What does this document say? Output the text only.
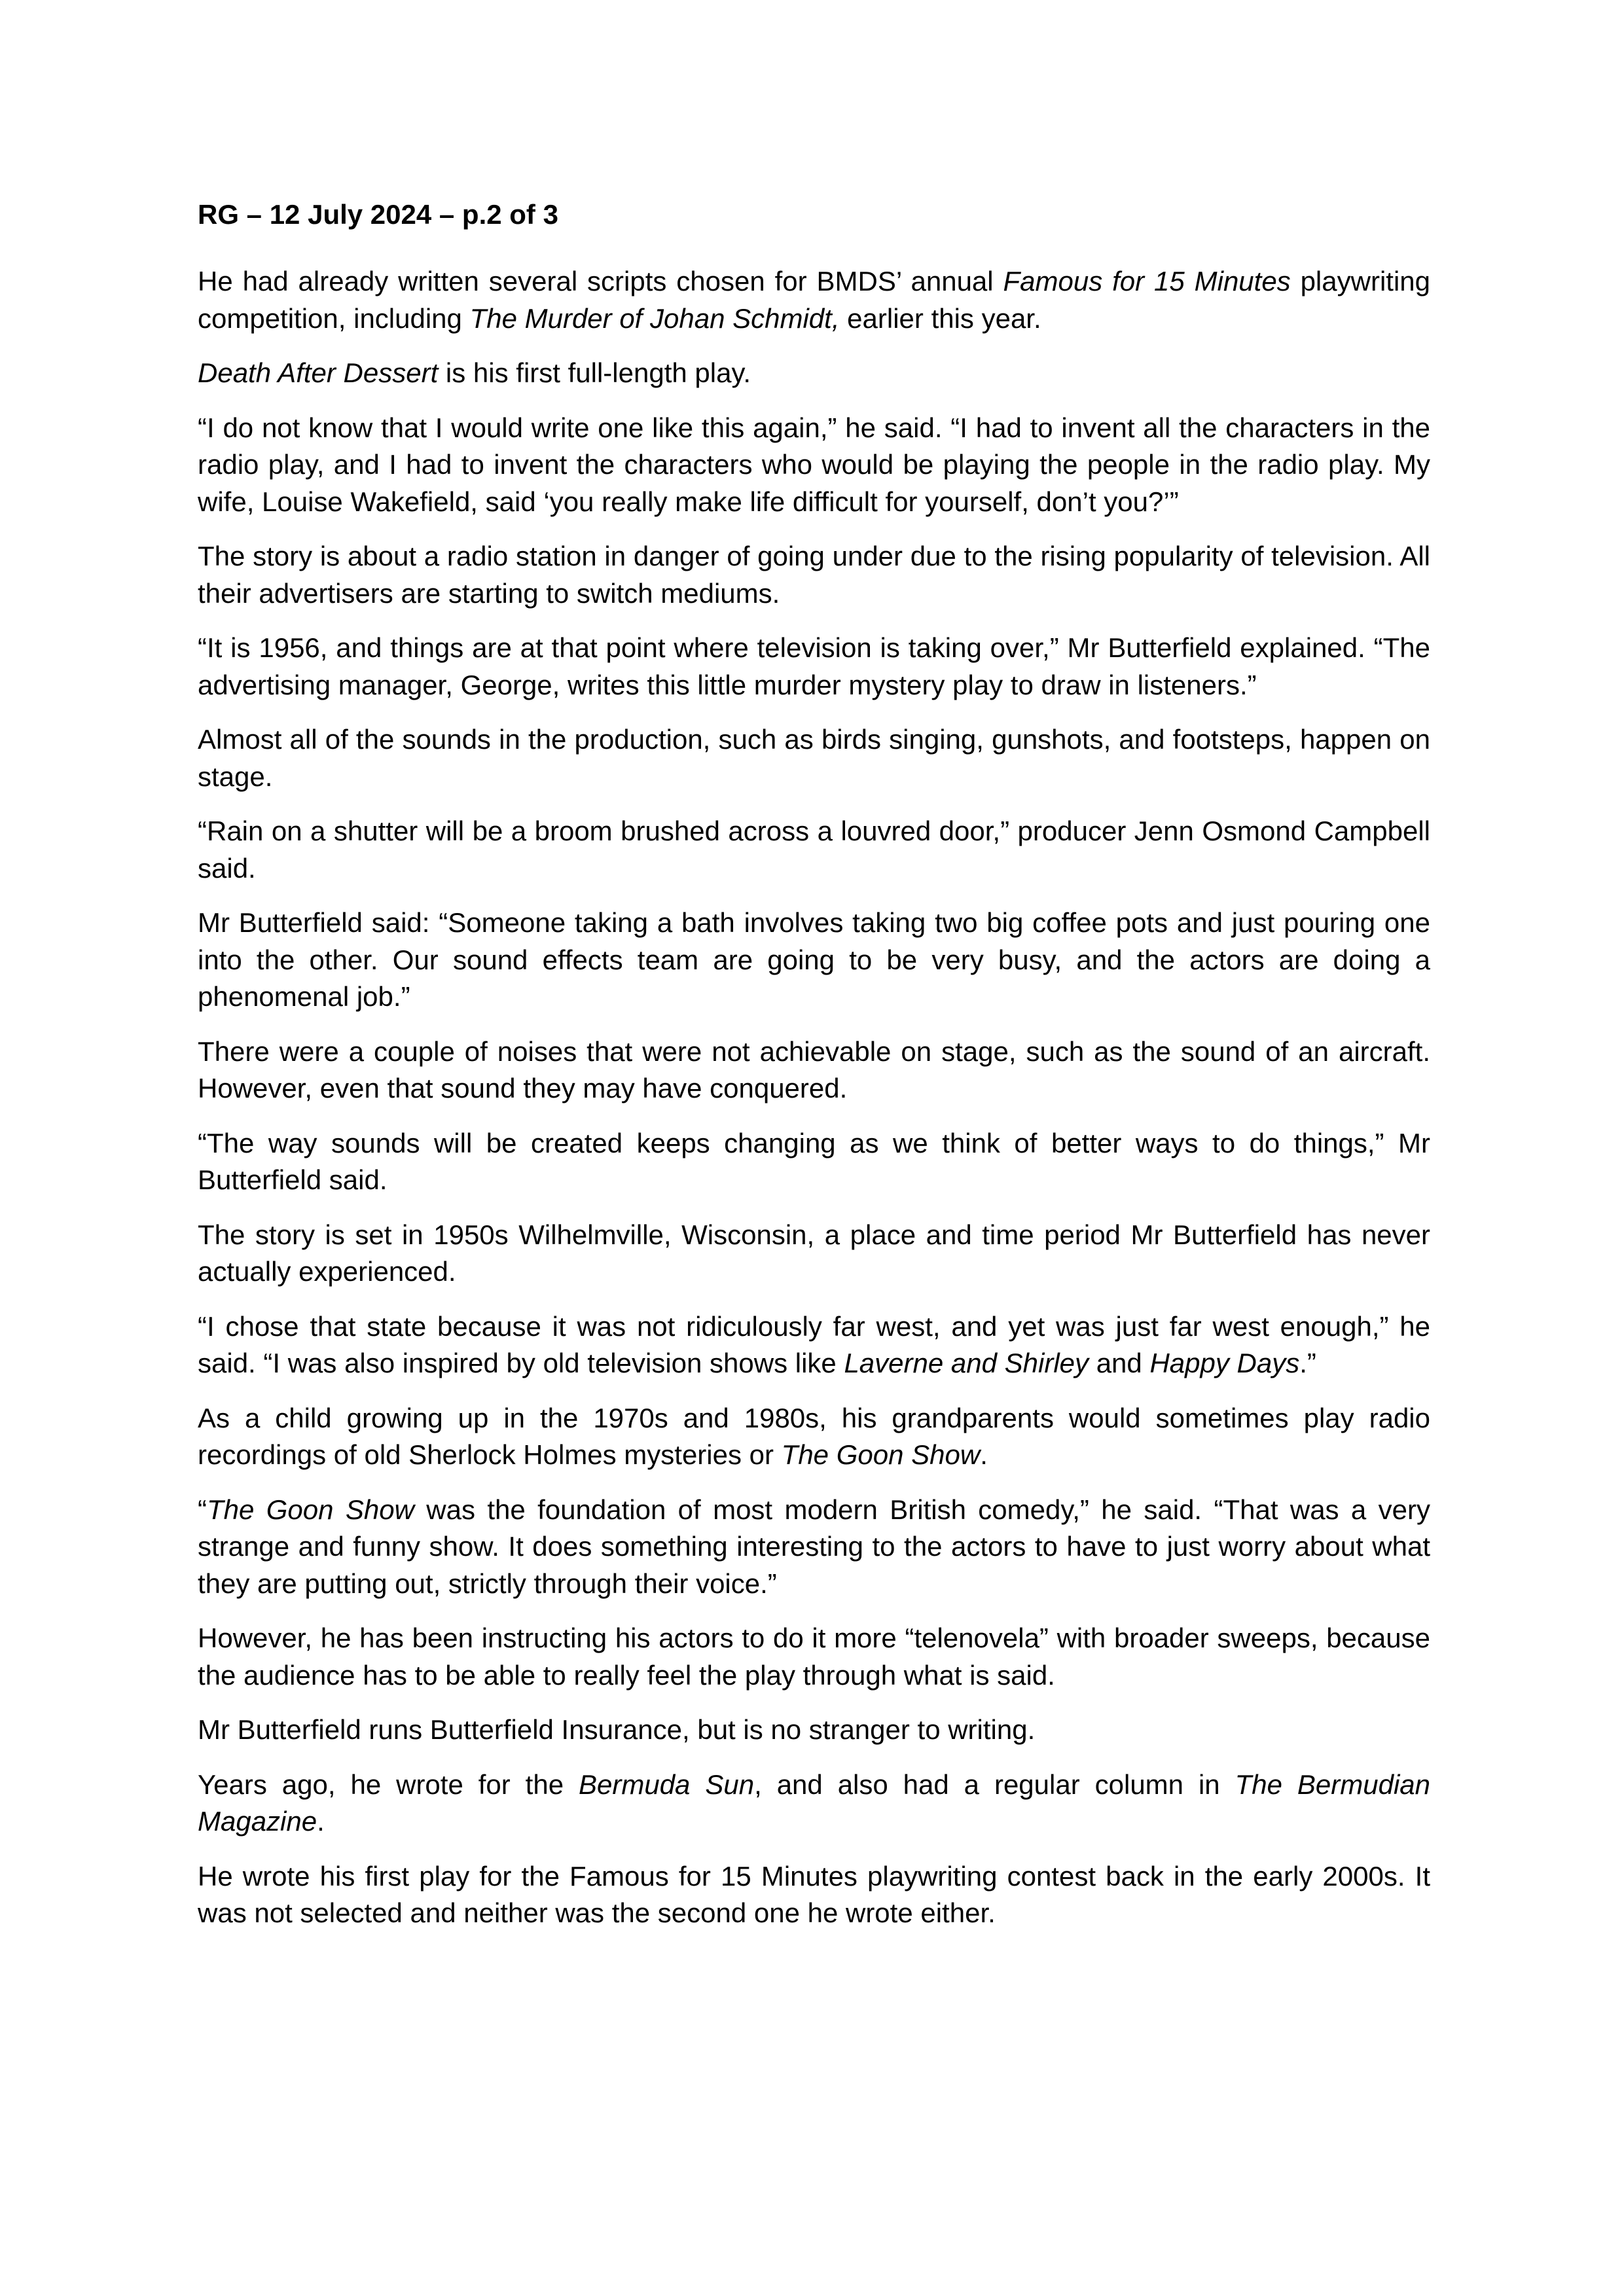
RG – 12 July 2024 – p.2 of 3

He had already written several scripts chosen for BMDS’ annual Famous for 15 Minutes playwriting competition, including The Murder of Johan Schmidt, earlier this year.

Death After Dessert is his first full-length play.

“I do not know that I would write one like this again,” he said. “I had to invent all the characters in the radio play, and I had to invent the characters who would be playing the people in the radio play. My wife, Louise Wakefield, said ‘you really make life difficult for yourself, don’t you?’”

The story is about a radio station in danger of going under due to the rising popularity of television. All their advertisers are starting to switch mediums.

“It is 1956, and things are at that point where television is taking over,” Mr Butterfield explained. “The advertising manager, George, writes this little murder mystery play to draw in listeners.”

Almost all of the sounds in the production, such as birds singing, gunshots, and footsteps, happen on stage.

“Rain on a shutter will be a broom brushed across a louvred door,” producer Jenn Osmond Campbell said.

Mr Butterfield said: “Someone taking a bath involves taking two big coffee pots and just pouring one into the other. Our sound effects team are going to be very busy, and the actors are doing a phenomenal job.”

There were a couple of noises that were not achievable on stage, such as the sound of an aircraft. However, even that sound they may have conquered.

“The way sounds will be created keeps changing as we think of better ways to do things,” Mr Butterfield said.

The story is set in 1950s Wilhelmville, Wisconsin, a place and time period Mr Butterfield has never actually experienced.

“I chose that state because it was not ridiculously far west, and yet was just far west enough,” he said. “I was also inspired by old television shows like Laverne and Shirley and Happy Days.”

As a child growing up in the 1970s and 1980s, his grandparents would sometimes play radio recordings of old Sherlock Holmes mysteries or The Goon Show.

“The Goon Show was the foundation of most modern British comedy,” he said. “That was a very strange and funny show. It does something interesting to the actors to have to just worry about what they are putting out, strictly through their voice.”

However, he has been instructing his actors to do it more “telenovela” with broader sweeps, because the audience has to be able to really feel the play through what is said.

Mr Butterfield runs Butterfield Insurance, but is no stranger to writing.

Years ago, he wrote for the Bermuda Sun, and also had a regular column in The Bermudian Magazine.

He wrote his first play for the Famous for 15 Minutes playwriting contest back in the early 2000s. It was not selected and neither was the second one he wrote either.
